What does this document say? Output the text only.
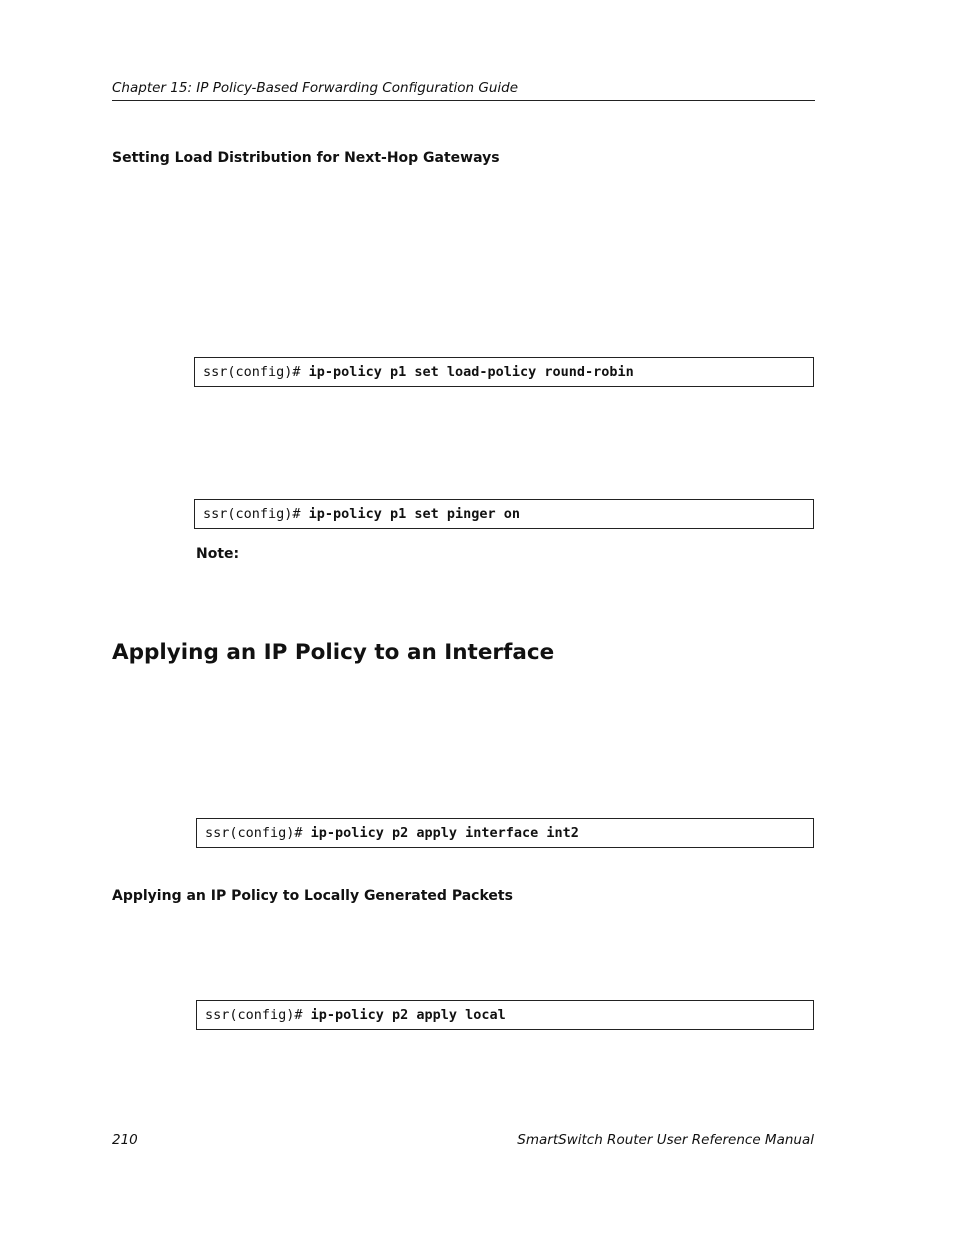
Chapter 15: IP Policy-Based Forwarding Configuration Guide
Setting Load Distribution for Next-Hop Gateways
ssr(config)# ip-policy p1 set load-policy round-robin
ssr(config)# ip-policy p1 set pinger on
Note:
Applying an IP Policy to an Interface
ssr(config)# ip-policy p2 apply interface int2
Applying an IP Policy to Locally Generated Packets
ssr(config)# ip-policy p2 apply local
210	SmartSwitch Router User Reference Manual
